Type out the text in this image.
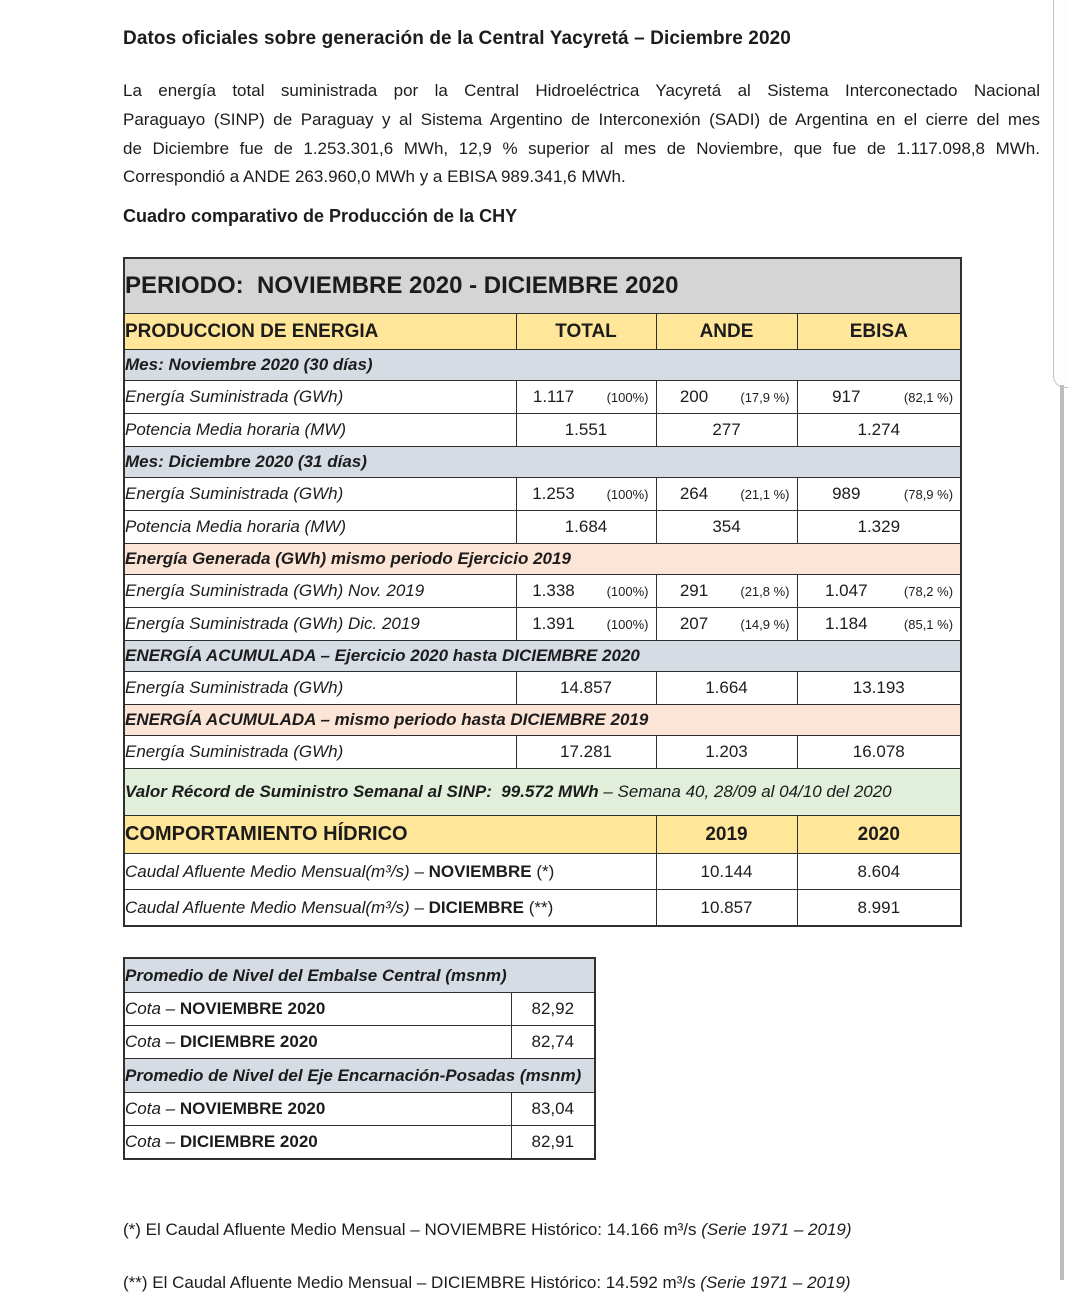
Datos oficiales sobre generación de la Central Yacyretá – Diciembre 2020
La energía total suministrada por la Central Hidroeléctrica Yacyretá al Sistema Interconectado Nacional
Paraguayo (SINP) de Paraguay y al Sistema Argentino de Interconexión (SADI) de Argentina en el cierre del mes
de Diciembre fue de 1.253.301,6 MWh, 12,9 % superior al mes de Noviembre, que fue de 1.117.098,8 MWh.
Correspondió a ANDE 263.960,0 MWh y a EBISA 989.341,6 MWh.
Cuadro comparativo de Producción de la CHY
PERIODO:  NOVIEMBRE 2020 - DICIEMBRE 2020			
PRODUCCION DE ENERGIA	TOTAL	ANDE	EBISA
Mes: Noviembre 2020 (30 días)			
Energía Suministrada (GWh)	1.117 (100%)	200 (17,9 %)	917 (82,1 %)

Potencia Media horaria (MW)	1.551	277	1.274
Mes: Diciembre 2020 (31 días)			
Energía Suministrada (GWh)	1.253 (100%)	264 (21,1 %)	989 (78,9 %)

Potencia Media horaria (MW)	1.684	354	1.329
Energía Generada (GWh) mismo periodo Ejercicio 2019			
Energía Suministrada (GWh) Nov. 2019	1.338 (100%)	291 (21,8 %)	1.047 (78,2 %)

Energía Suministrada (GWh) Dic. 2019	1.391 (100%)	207 (14,9 %)	1.184 (85,1 %)

ENERGÍA ACUMULADA – Ejercicio 2020 hasta DICIEMBRE 2020			
Energía Suministrada (GWh)	14.857	1.664	13.193
ENERGÍA ACUMULADA – mismo periodo hasta DICIEMBRE 2019			
Energía Suministrada (GWh)	17.281	1.203	16.078
Valor Récord de Suministro Semanal al SINP:  99.572 MWh – Semana 40, 28/09 al 04/10 del 2020			
COMPORTAMIENTO HÍDRICO		2019	2020
Caudal Afluente Medio Mensual(m³/s) – NOVIEMBRE (*)		10.144	8.604
Caudal Afluente Medio Mensual(m³/s) – DICIEMBRE (**)		10.857	8.991
Promedio de Nivel del Embalse Central (msnm)	
Cota – NOVIEMBRE 2020	82,92
Cota – DICIEMBRE 2020	82,74
Promedio de Nivel del Eje Encarnación-Posadas (msnm)	
Cota – NOVIEMBRE 2020	83,04
Cota – DICIEMBRE 2020	82,91
(*) El Caudal Afluente Medio Mensual – NOVIEMBRE Histórico: 14.166 m³/s (Serie 1971 – 2019)
(**) El Caudal Afluente Medio Mensual – DICIEMBRE Histórico: 14.592 m³/s (Serie 1971 – 2019)
